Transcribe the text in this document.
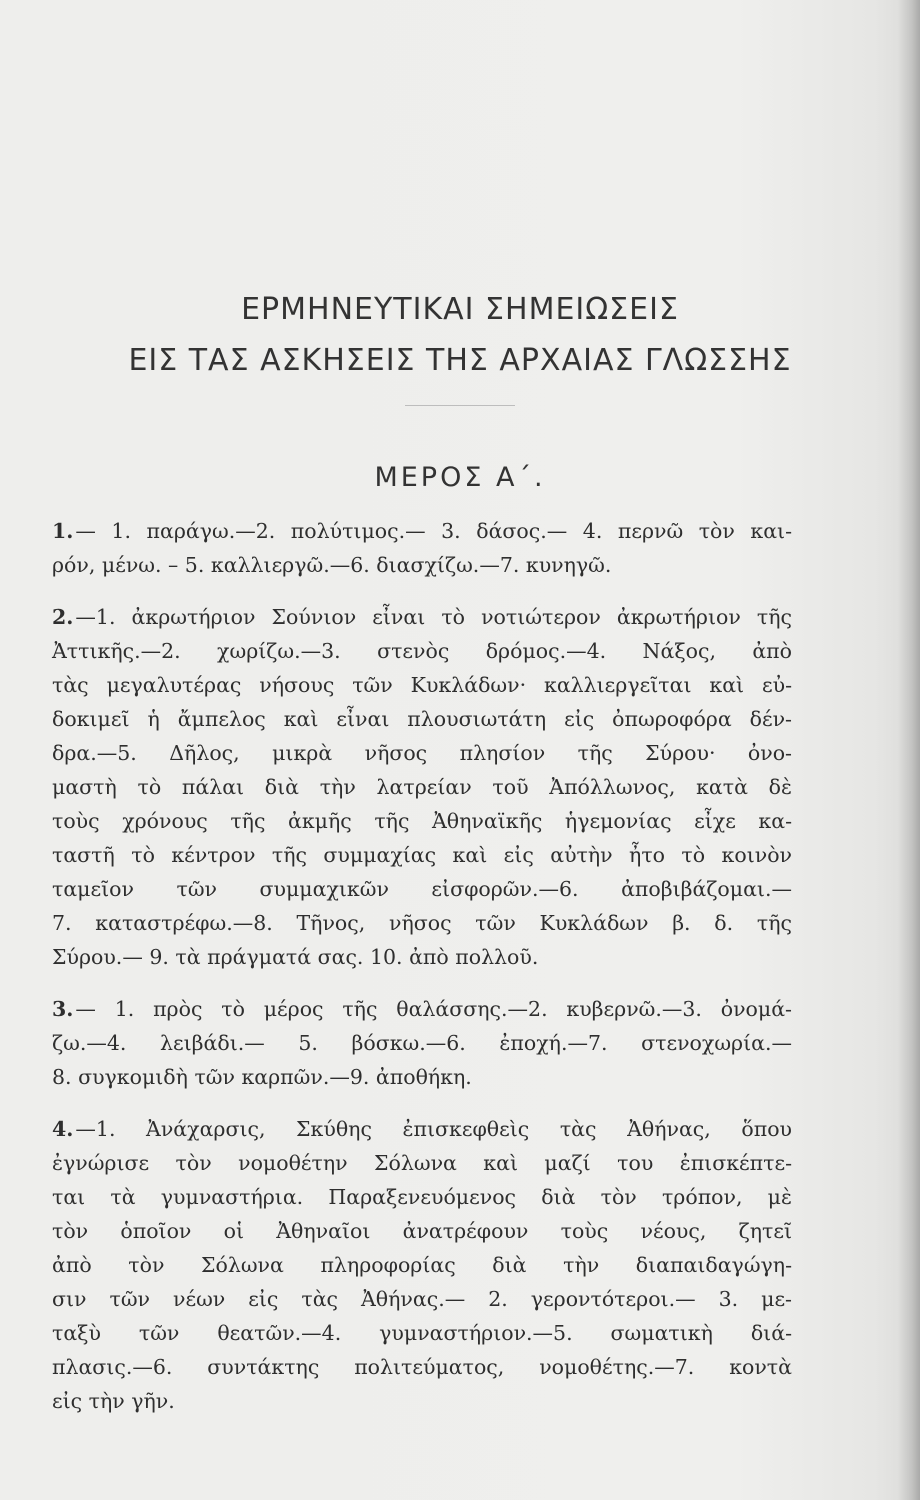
ΕΡΜΗΝΕΥΤΙΚΑΙ ΣΗΜΕΙΩΣΕΙΣ
ΕΙΣ ΤΑΣ ΑΣΚΗΣΕΙΣ ΤΗΣ ΑΡΧΑΙΑΣ ΓΛΩΣΣΗΣ
ΜΕΡΟΣ Α΄.
1.— 1. παράγω.—2. πολύτιμος.— 3. δάσος.— 4. περνῶ τὸν και-
ρόν, μένω. – 5. καλλιεργῶ.—6. διασχίζω.—7. κυνηγῶ.
2.—1. ἀκρωτήριον Σούνιον εἶναι τὸ νοτιώτερον ἀκρωτήριον τῆς
Ἀττικῆς.—2. χωρίζω.—3. στενὸς δρόμος.—4. Νάξος, ἀπὸ
τὰς μεγαλυτέρας νήσους τῶν Κυκλάδων· καλλιεργεῖται καὶ εὐ-
δοκιμεῖ ἡ ἄμπελος καὶ εἶναι πλουσιωτάτη εἰς ὀπωροφόρα δέν-
δρα.—5. Δῆλος, μικρὰ νῆσος πλησίον τῆς Σύρου· ὀνο-
μαστὴ τὸ πάλαι διὰ τὴν λατρείαν τοῦ Ἀπόλλωνος, κατὰ δὲ
τοὺς χρόνους τῆς ἀκμῆς τῆς Ἀθηναϊκῆς ἡγεμονίας εἶχε κα-
ταστῆ τὸ κέντρον τῆς συμμαχίας καὶ εἰς αὐτὴν ἦτο τὸ κοινὸν
ταμεῖον τῶν συμμαχικῶν εἰσφορῶν.—6. ἀποβιβάζομαι.—
7. καταστρέφω.—8. Τῆνος, νῆσος τῶν Κυκλάδων β. δ. τῆς
Σύρου.— 9. τὰ πράγματά σας. 10. ἀπὸ πολλοῦ.
3.— 1. πρὸς τὸ μέρος τῆς θαλάσσης.—2. κυβερνῶ.—3. ὀνομά-
ζω.—4. λειβάδι.— 5. βόσκω.—6. ἐποχή.—7. στενοχωρία.—
8. συγκομιδὴ τῶν καρπῶν.—9. ἀποθήκη.
4.—1. Ἀνάχαρσις, Σκύθης ἐπισκεφθεὶς τὰς Ἀθήνας, ὅπου
ἐγνώρισε τὸν νομοθέτην Σόλωνα καὶ μαζί του ἐπισκέπτε-
ται τὰ γυμναστήρια. Παραξενευόμενος διὰ τὸν τρόπον, μὲ
τὸν ὁποῖον οἱ Ἀθηναῖοι ἀνατρέφουν τοὺς νέους, ζητεῖ
ἀπὸ τὸν Σόλωνα πληροφορίας διὰ τὴν διαπαιδαγώγη-
σιν τῶν νέων εἰς τὰς Ἀθήνας.— 2. γεροντότεροι.— 3. με-
ταξὺ τῶν θεατῶν.—4. γυμναστήριον.—5. σωματικὴ διά-
πλασις.—6. συντάκτης πολιτεύματος, νομοθέτης.—7. κοντὰ
εἰς τὴν γῆν.
